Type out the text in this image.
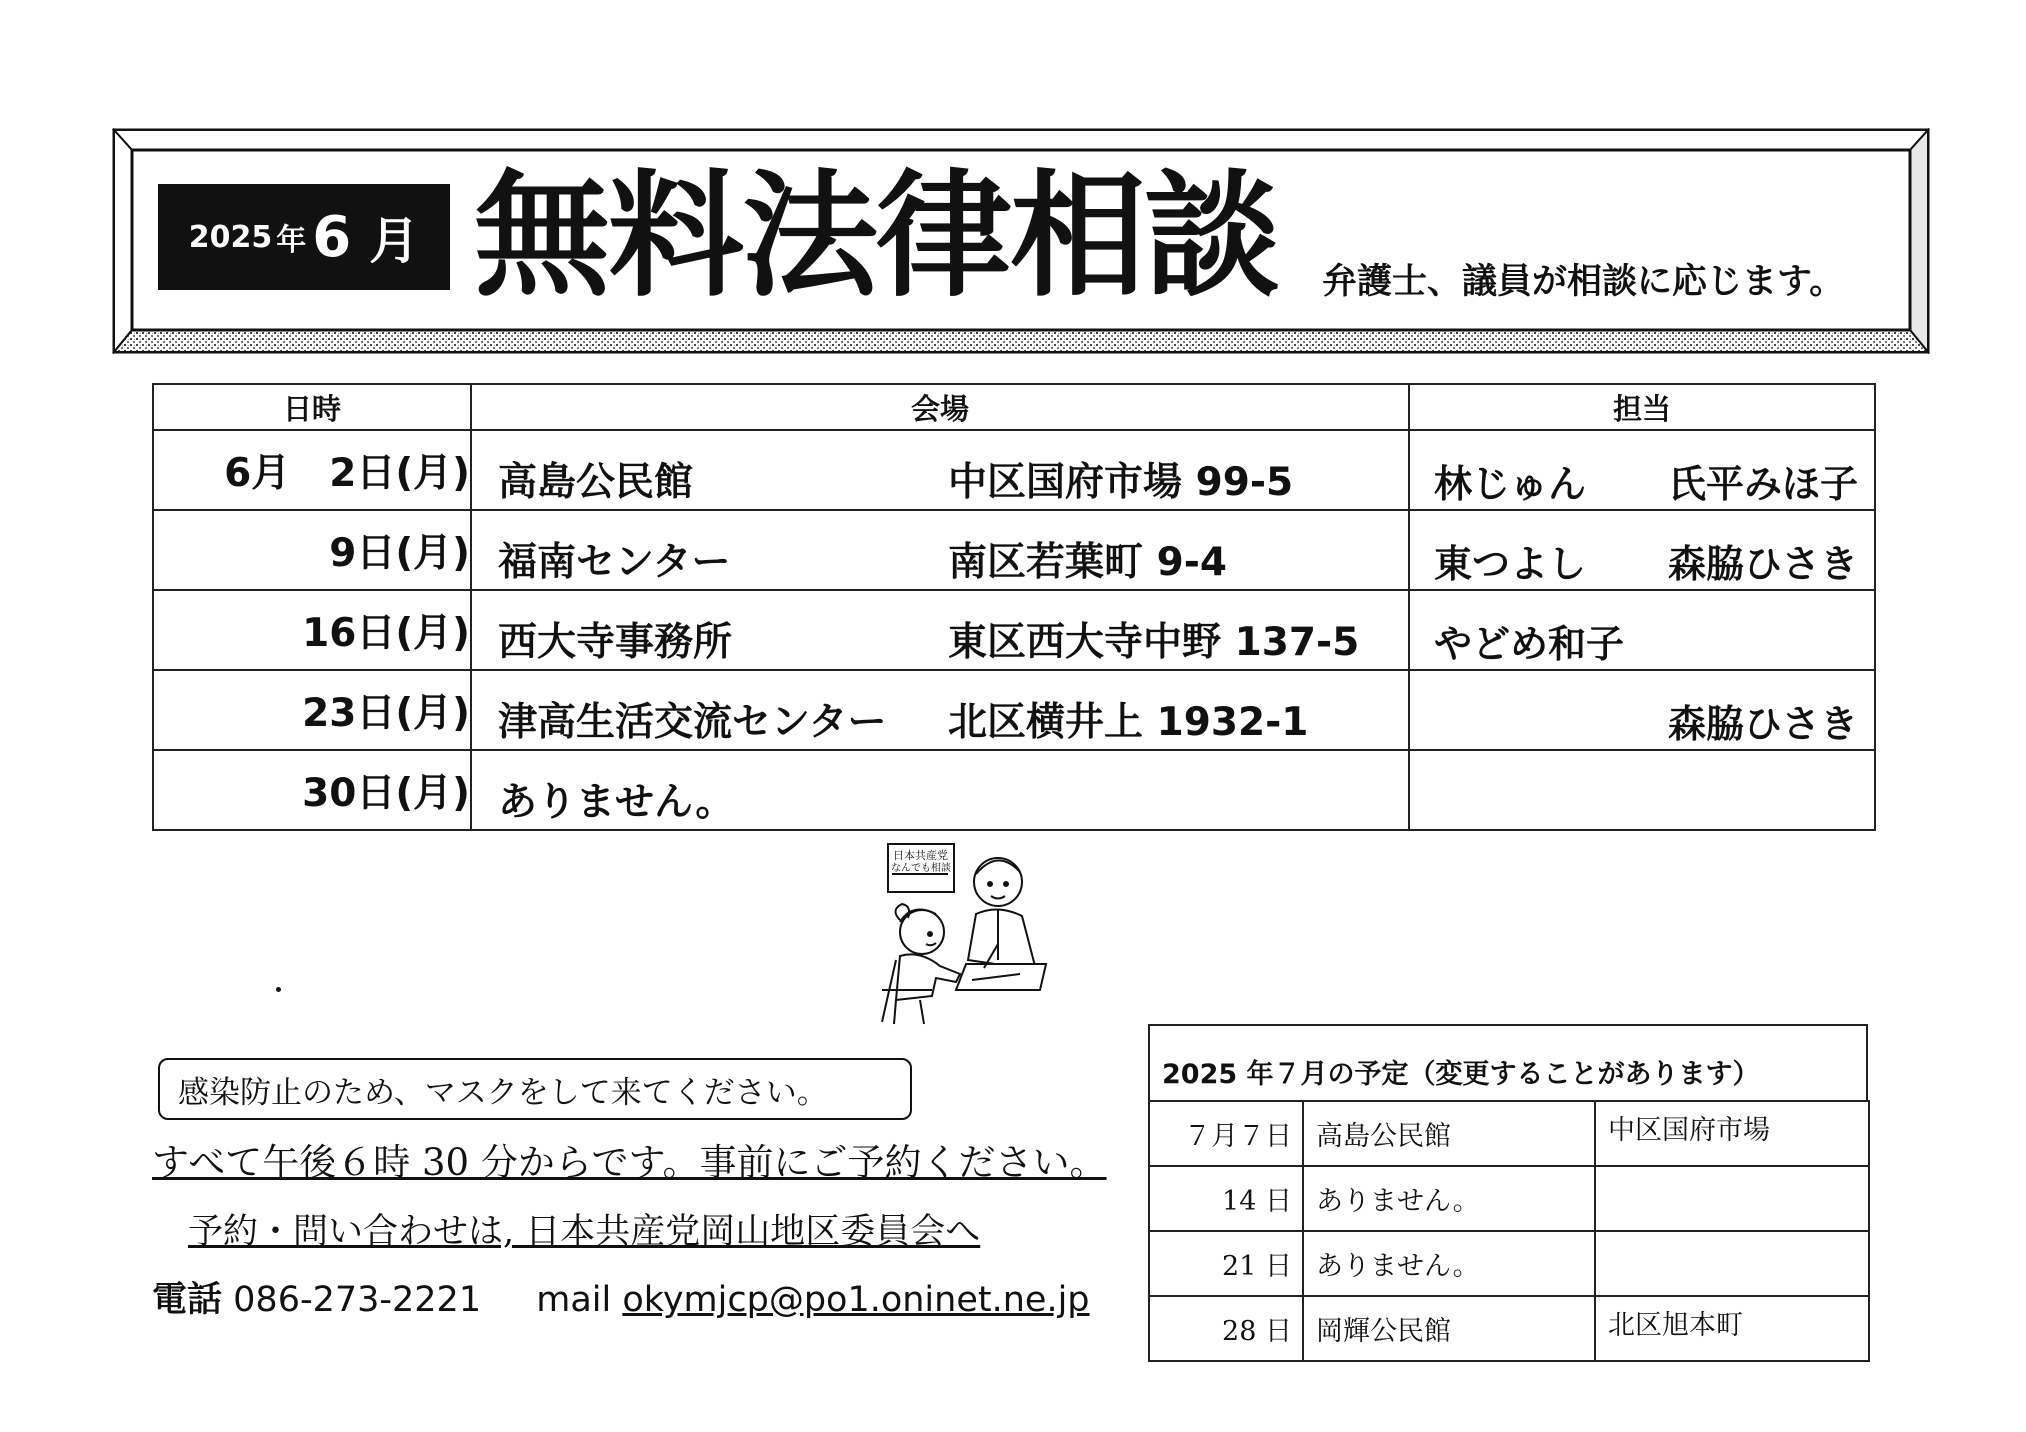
2025 年 6 月 無料法律相談 弁護士、議員が相談に応じます。
日時	会場	担当
6月　2日(月)	高島公民館 中区国府市場 99-5	林じゅん 氏平みほ子

9日(月)	福南センター 南区若葉町 9-4	東つよし 森脇ひさき

16日(月)	西大寺事務所 東区西大寺中野 137-5	やどめ和子

23日(月)	津高生活交流センター 北区横井上 1932-1	森脇ひさき

30日(月)	ありません。	

日本共産党
なんでも相談
感染防止のため、マスクをして来てください。
すべて午後６時 30 分からです。事前にご予約ください。
予約・問い合わせは, 日本共産党岡山地区委員会へ
電話 086-273-2221 mail okymjcp@po1.oninet.ne.jp
2025 年７月の予定（変更することがあります）
７月７日	高島公民館	中区国府市場
14 日	ありません。	
21 日	ありません。	
28 日	岡輝公民館	北区旭本町
